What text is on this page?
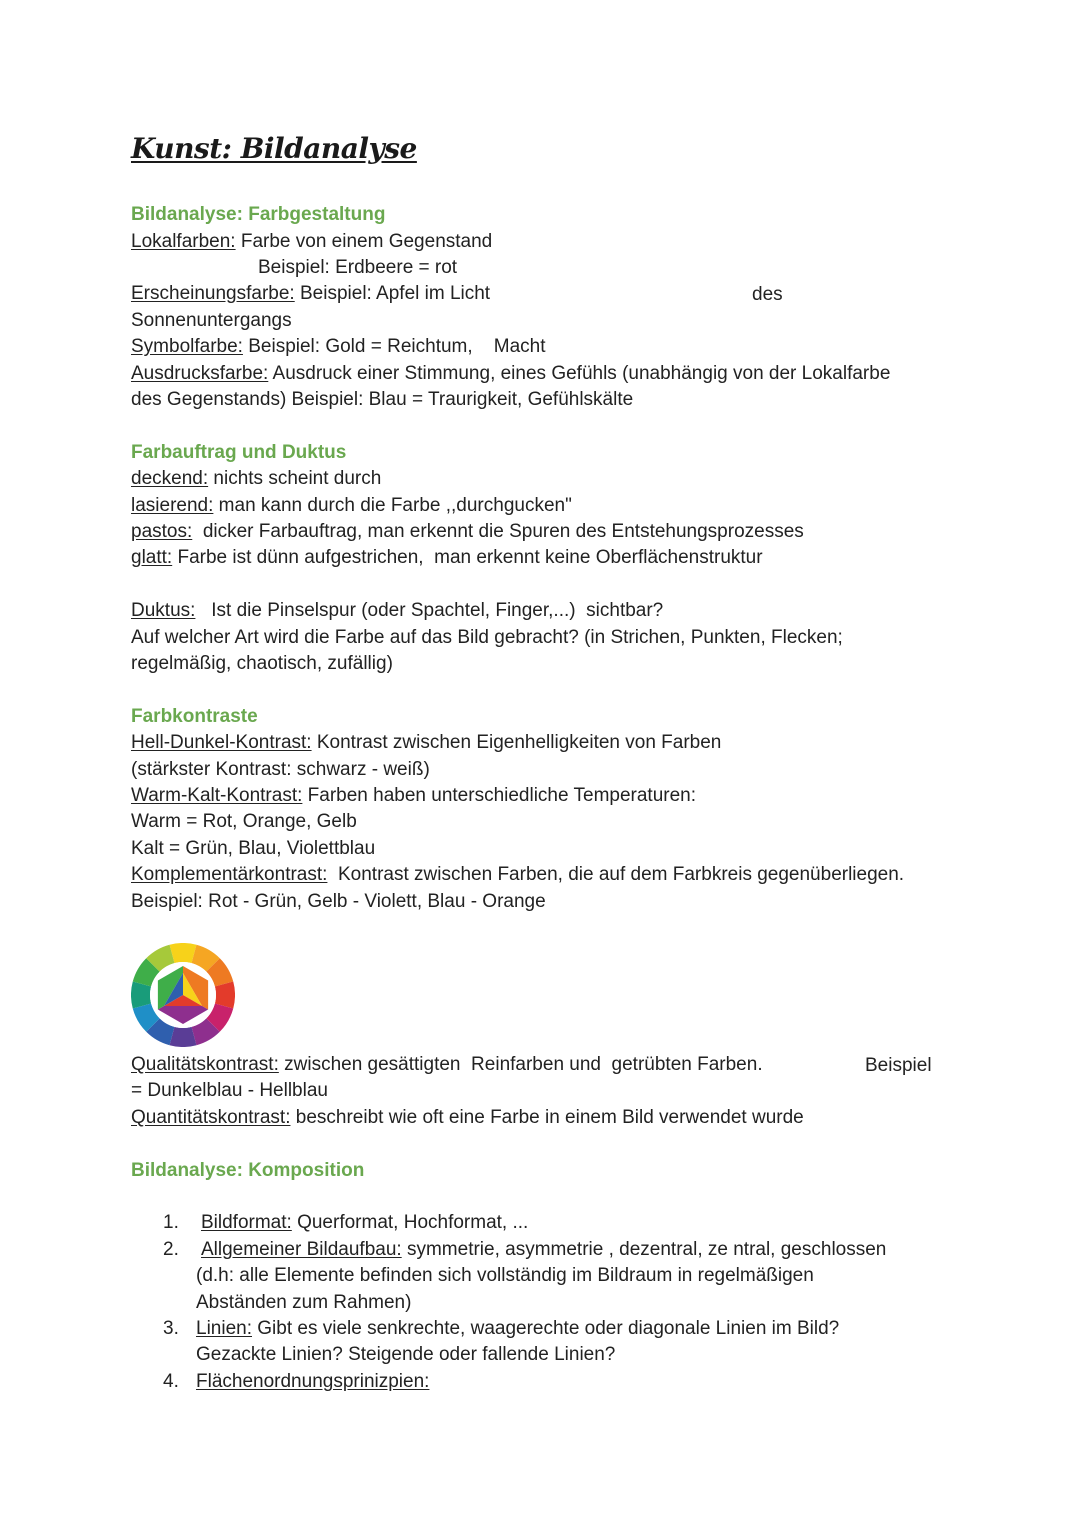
Kunst: Bildanalyse
Bildanalyse: Farbgestaltung
Lokalfarben: Farbe von einem Gegenstand
Beispiel: Erdbeere = rot
Erscheinungsfarbe: Beispiel: Apfel im Licht	des
Sonnenuntergangs
Symbolfarbe: Beispiel: Gold = Reichtum,    Macht
Ausdrucksfarbe: Ausdruck einer Stimmung, eines Gefühls (unabhängig von der Lokalfarbe
des Gegenstands) Beispiel: Blau = Traurigkeit, Gefühlskälte
Farbauftrag und Duktus
deckend: nichts scheint durch
lasierend: man kann durch die Farbe ,,durchgucken"
pastos:  dicker Farbauftrag, man erkennt die Spuren des Entstehungsprozesses
glatt: Farbe ist dünn aufgestrichen,  man erkennt keine Oberflächenstruktur
Duktus:   Ist die Pinselspur (oder Spachtel, Finger,...)  sichtbar?
Auf welcher Art wird die Farbe auf das Bild gebracht? (in Strichen, Punkten, Flecken;
regelmäßig, chaotisch, zufällig)
Farbkontraste
Hell-Dunkel-Kontrast: Kontrast zwischen Eigenhelligkeiten von Farben
(stärkster Kontrast: schwarz - weiß)
Warm-Kalt-Kontrast: Farben haben unterschiedliche Temperaturen:
Warm = Rot, Orange, Gelb
Kalt = Grün, Blau, Violettblau
Komplementärkontrast:  Kontrast zwischen Farben, die auf dem Farbkreis gegenüberliegen.
Beispiel: Rot - Grün, Gelb - Violett, Blau - Orange
Qualitätskontrast: zwischen gesättigten  Reinfarben und  getrübten Farben.	Beispiel
= Dunkelblau - Hellblau
Quantitätskontrast: beschreibt wie oft eine Farbe in einem Bild verwendet wurde
Bildanalyse: Komposition
1. Bildformat: Querformat, Hochformat, ...
2. Allgemeiner Bildaufbau: symmetrie, asymmetrie , dezentral, ze ntral, geschlossen
(d.h: alle Elemente befinden sich vollständig im Bildraum in regelmäßigen
Abständen zum Rahmen)
3. Linien: Gibt es viele senkrechte, waagerechte oder diagonale Linien im Bild?
Gezackte Linien? Steigende oder fallende Linien?
4. Flächenordnungsprinizpien:
